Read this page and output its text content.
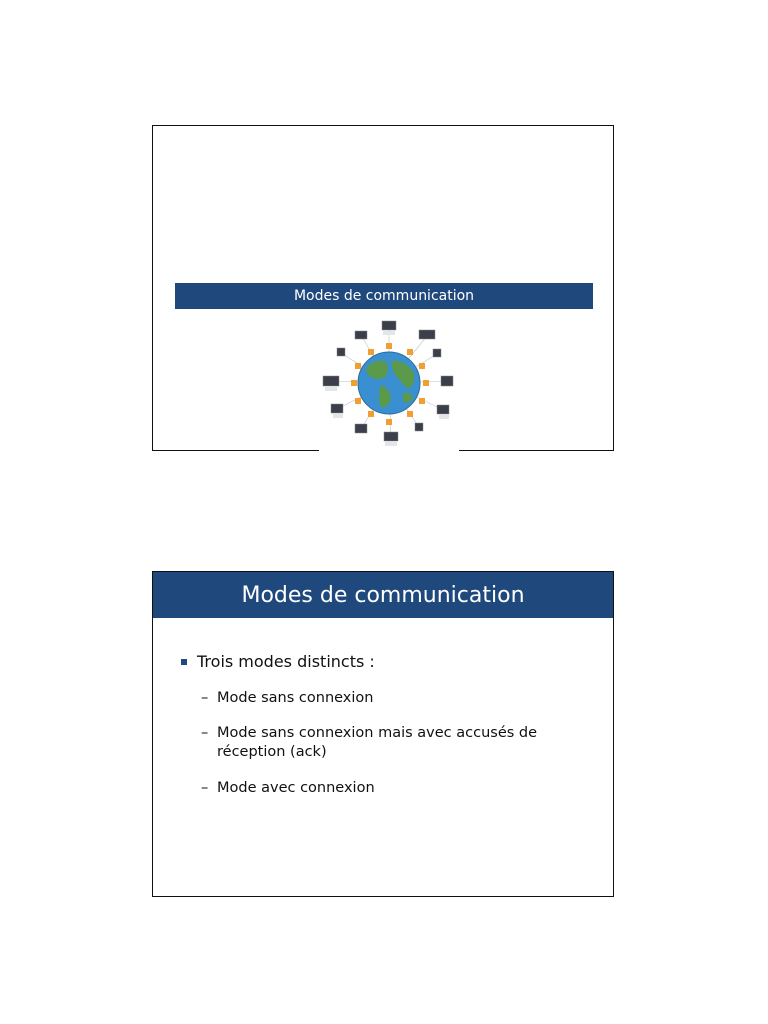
Modes de communication
Modes de communication
Trois modes distincts :
– Mode sans connexion
– Mode sans connexion mais avec accusés de
réception (ack)
– Mode avec connexion
